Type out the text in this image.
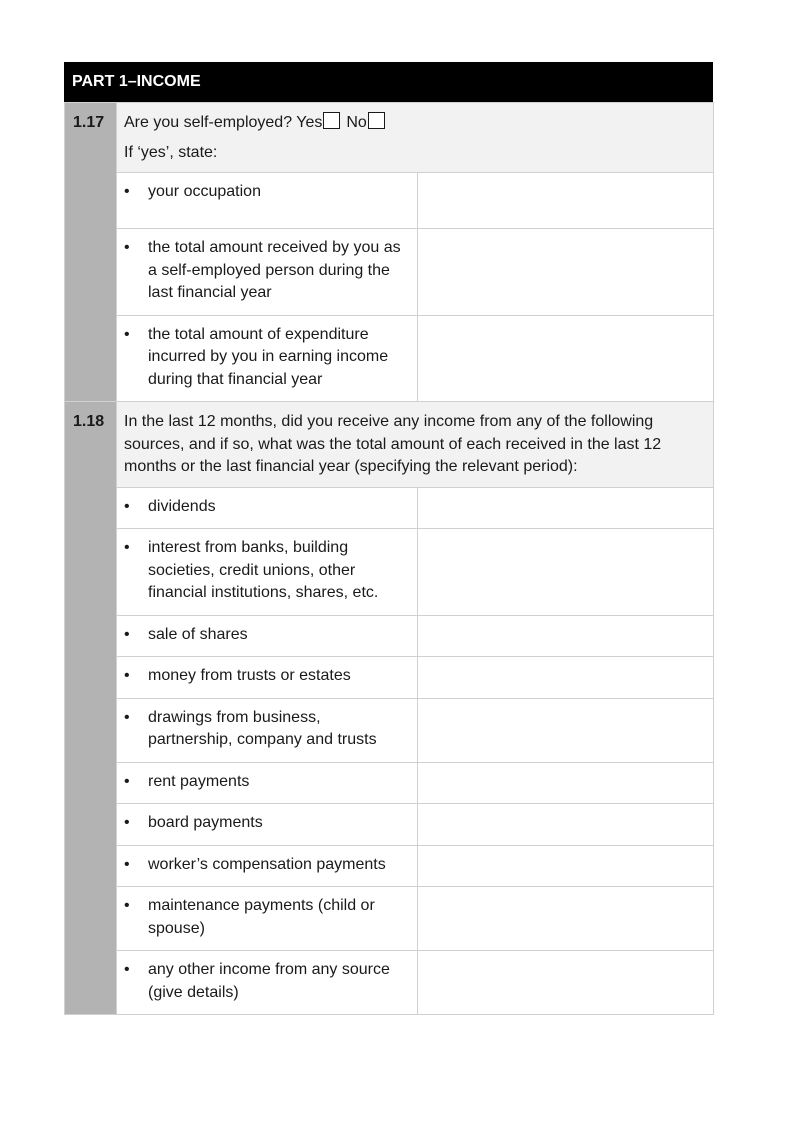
PART 1–INCOME
1.17	Are you self-employed? Yes No
If ‘yes’, state:	

	• your occupation	

	• the total amount received by you as a self-employed person during the last financial year	

	• the total amount of expenditure incurred by you in earning income during that financial year	

1.18	In the last 12 months, did you receive any income from any of the following sources, and if so, what was the total amount of each received in the last 12 months or the last financial year (specifying the relevant period):	

	• dividends	

	• interest from banks, building societies, credit unions, other financial institutions, shares, etc.	

	• sale of shares	

	• money from trusts or estates	

	• drawings from business, partnership, company and trusts	

	• rent payments	

	• board payments	

	• worker’s compensation payments	

	• maintenance payments (child or spouse)	

	• any other income from any source (give details)	
